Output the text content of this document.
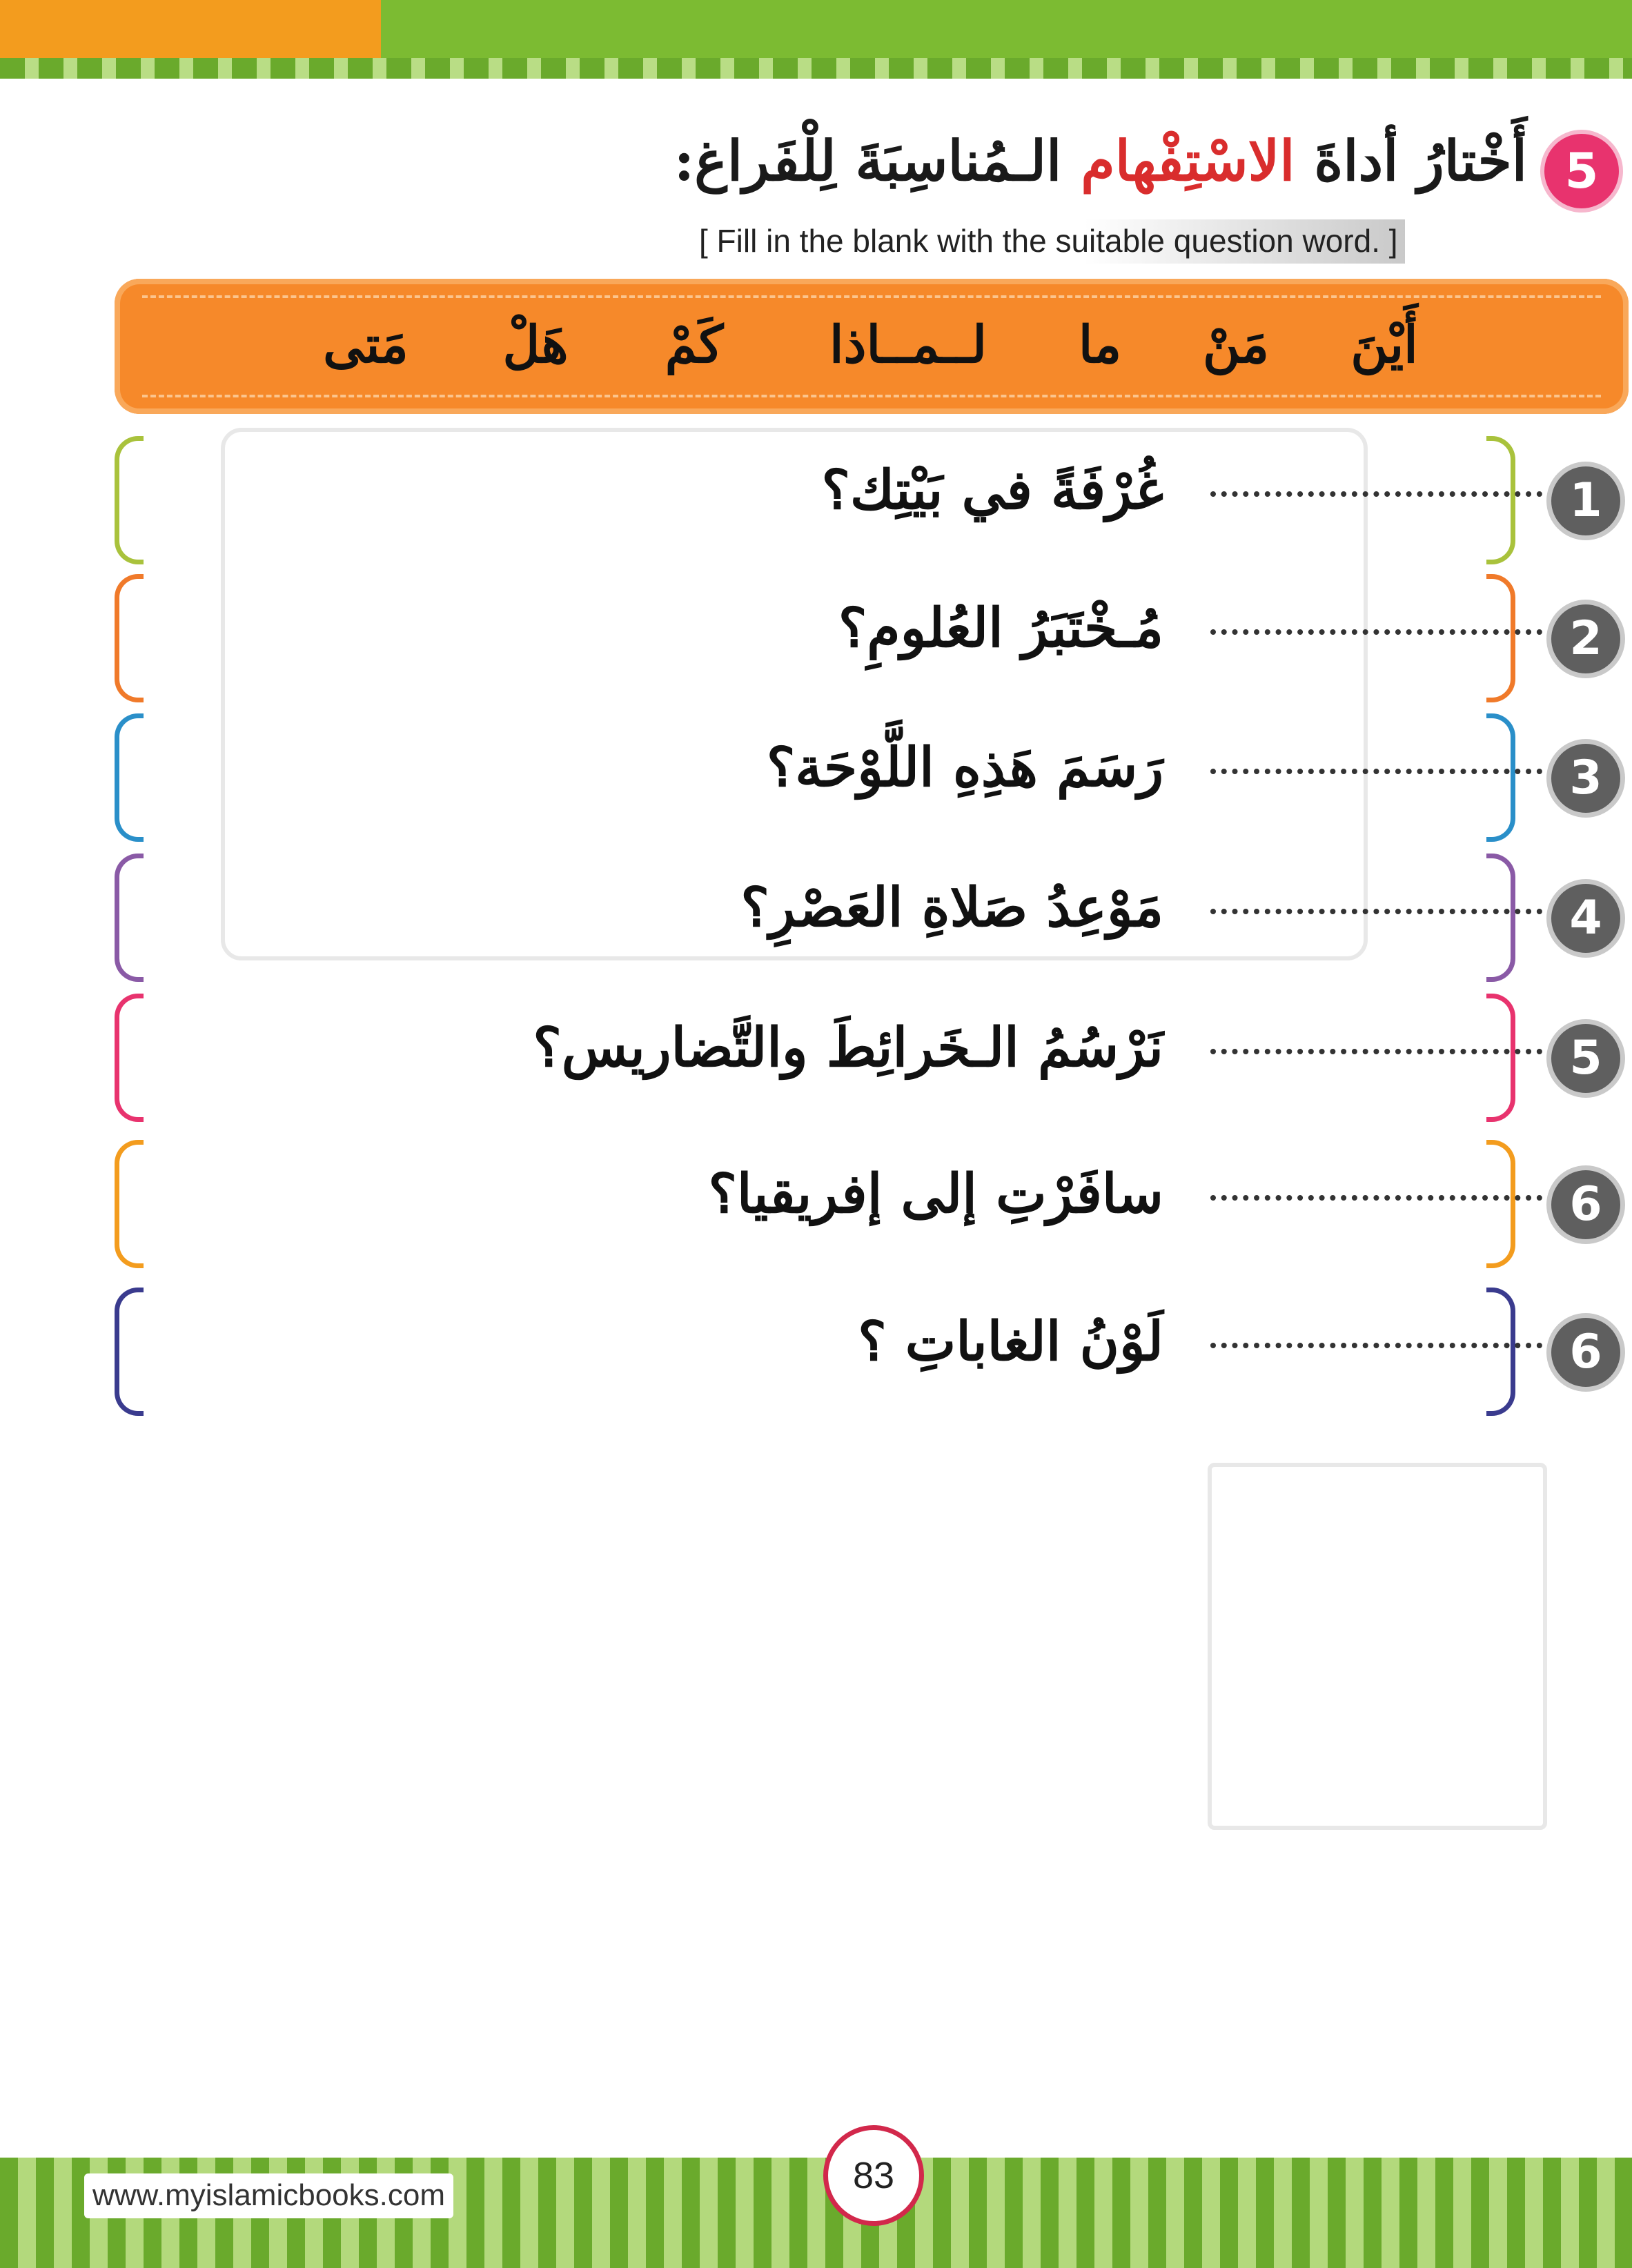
5
أَخْتارُ أداةَ الاسْتِفْهام الـمُناسِبَةَ لِلْفَراغ:
[ Fill in the blank with the suitable question word. ]
أَيْنَ
مَنْ
ما
لــمــاذا
كَمْ
هَلْ
مَتى
غُرْفَةً في بَيْتِك؟	1
مُـخْتَبَرُ العُلومِ؟	2
رَسَمَ هَذِهِ اللَّوْحَة؟	3
مَوْعِدُ صَلاةِ العَصْرِ؟	4
نَرْسُمُ الـخَرائِطَ والتَّضاريس؟	5
سافَرْتِ إلى إفريقيا؟	6
لَوْنُ الغاباتِ ؟	6
www.myislamicbooks.com	83
